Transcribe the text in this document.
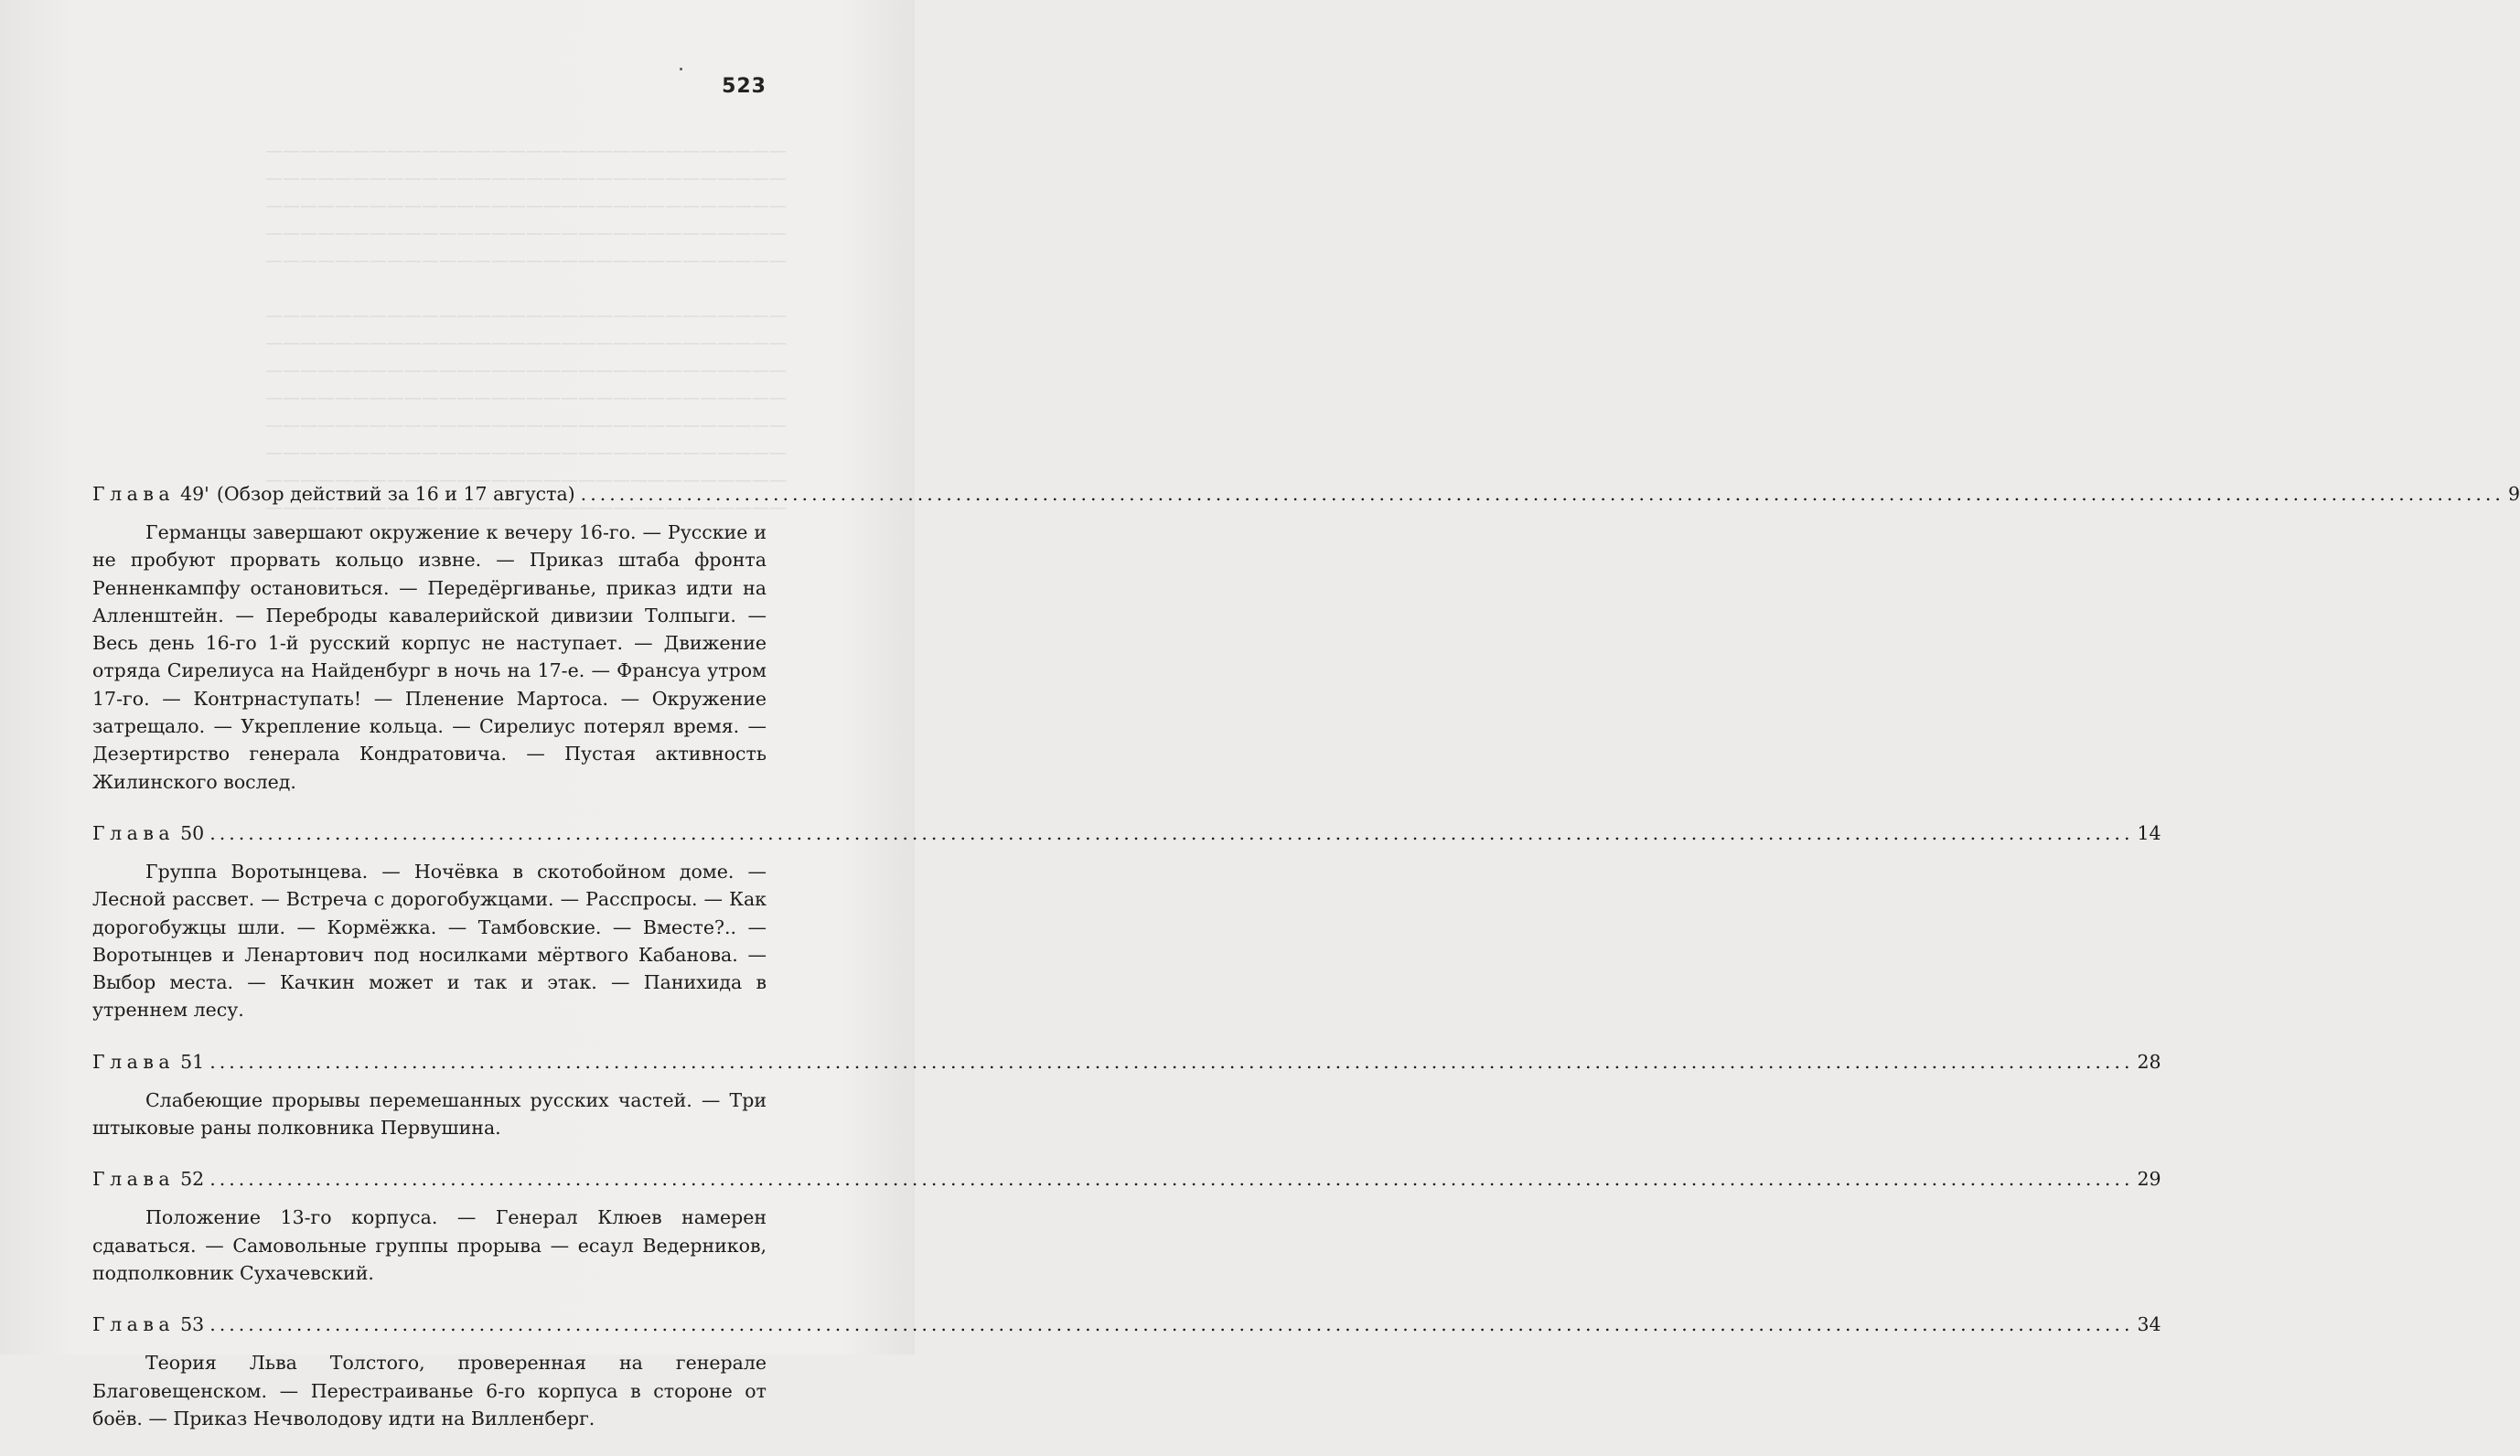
——————————————————————————————
——————————————————————————————
——————————————————————————————
——————————————————————————————
——————————————————————————————
——————————————————————————————
——————————————————————————————
——————————————————————————————
——————————————————————————————
——————————————————————————————
——————————————————————————————
——————————————————————————————
——————————————————————————————
523
Глава 49' (Обзор действий за 16 и 17 августа) .....	9
Германцы завершают окружение к вечеру 16-го. — Русские и не пробуют прорвать кольцо извне. — Приказ штаба фронта Ренненкампфу остановиться. — Передёргиванье, приказ идти на Алленштейн. — Переброды кавалерийской дивизии Толпыги. — Весь день 16-го 1-й русский корпус не наступает. — Движение отряда Сирелиуса на Найденбург в ночь на 17-е. — Франсуа утром 17-го. — Контрнаступать! — Пленение Мартоса. — Окружение затрещало. — Укрепление кольца. — Сирелиус потерял время. — Дезертирство генерала Кондратовича. — Пустая активность Жилинского вослед.
Глава 50 .....	14
Группа Воротынцева. — Ночёвка в скотобойном доме. — Лесной рассвет. — Встреча с дорогобужцами. — Расспросы. — Как дорогобужцы шли. — Кормёжка. — Тамбовские. — Вместе?.. — Воротынцев и Ленартович под носилками мёртвого Кабанова. — Выбор места. — Качкин может и так и этак. — Панихида в утреннем лесу.
Глава 51 .....	28
Слабеющие прорывы перемешанных русских частей. — Три штыковые раны полковника Первушина.
Глава 52 .....	29
Положение 13-го корпуса. — Генерал Клюев намерен сдаваться. — Самовольные группы прорыва — есаул Ведерников, подполковник Сухачевский.
Глава 53 .....	34
Теория Льва Толстого, проверенная на генерале Благовещенском. — Перестраиванье 6-го корпуса в стороне от боёв. — Приказ Нечволодову идти на Вилленберг.
